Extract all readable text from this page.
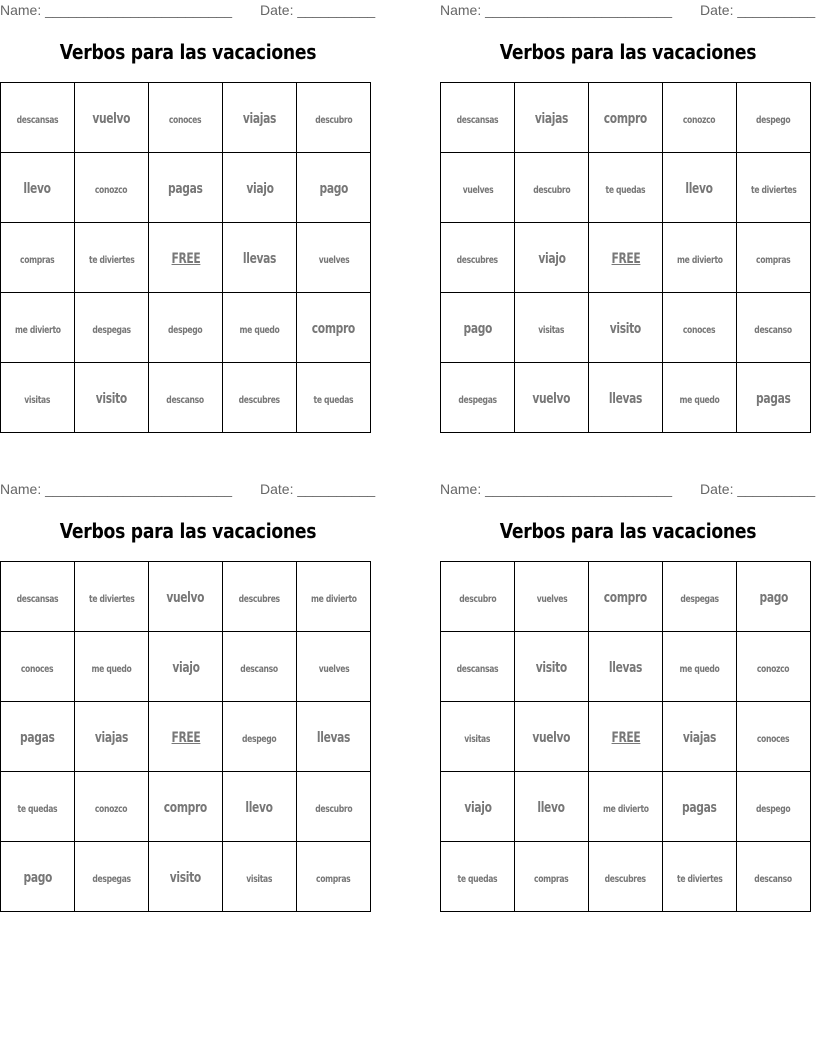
Name: ________________________ Date: __________
Verbos para las vacaciones
descansas	vuelvo	conoces	viajas	descubro
llevo	conozco	pagas	viajo	pago
compras	te diviertes	FREE	llevas	vuelves
me divierto	despegas	despego	me quedo	compro
visitas	visito	descanso	descubres	te quedas
Name: ________________________ Date: __________
Verbos para las vacaciones
descansas	viajas	compro	conozco	despego
vuelves	descubro	te quedas	llevo	te diviertes
descubres	viajo	FREE	me divierto	compras
pago	visitas	visito	conoces	descanso
despegas	vuelvo	llevas	me quedo	pagas
Name: ________________________ Date: __________
Verbos para las vacaciones
descansas	te diviertes	vuelvo	descubres	me divierto
conoces	me quedo	viajo	descanso	vuelves
pagas	viajas	FREE	despego	llevas
te quedas	conozco	compro	llevo	descubro
pago	despegas	visito	visitas	compras
Name: ________________________ Date: __________
Verbos para las vacaciones
descubro	vuelves	compro	despegas	pago
descansas	visito	llevas	me quedo	conozco
visitas	vuelvo	FREE	viajas	conoces
viajo	llevo	me divierto	pagas	despego
te quedas	compras	descubres	te diviertes	descanso
